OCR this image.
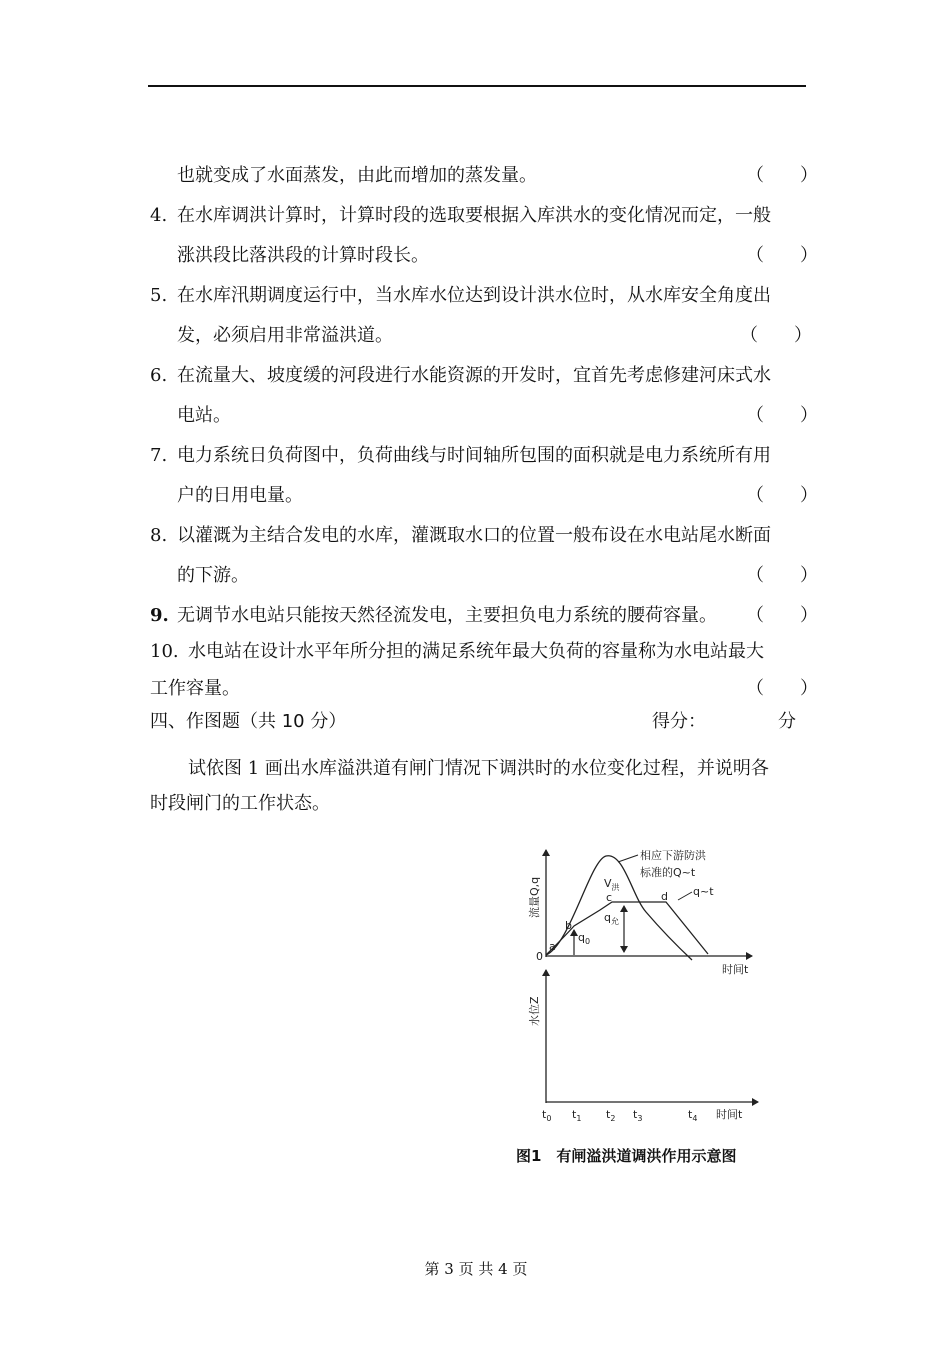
也就变成了水面蒸发，由此而增加的蒸发量。	（　　）
4. 在水库调洪计算时，计算时段的选取要根据入库洪水的变化情况而定，一般
涨洪段比落洪段的计算时段长。	（　　）
5. 在水库汛期调度运行中，当水库水位达到设计洪水位时，从水库安全角度出
发，必须启用非常溢洪道。	（　　）
6. 在流量大、坡度缓的河段进行水能资源的开发时，宜首先考虑修建河床式水
电站。	（　　）
7. 电力系统日负荷图中，负荷曲线与时间轴所包围的面积就是电力系统所有用
户的日用电量。	（　　）
8. 以灌溉为主结合发电的水库，灌溉取水口的位置一般布设在水电站尾水断面
的下游。	（　　）
9. 无调节水电站只能按天然径流发电，主要担负电力系统的腰荷容量。 （　　）
10. 水电站在设计水平年所分担的满足系统年最大负荷的容量称为水电站最大
工作容量。	（　　）
四、作图题（共 10 分）	得分：	分
试依图 1 画出水库溢洪道有闸门情况下调洪时的水位变化过程，并说明各
时段闸门的工作状态。
流量Q,q
0
a
b
c	d
$V_洪$
$q_允$
$q_0$
相应下游防洪
标准的Q~t
q~t
时间t
水位Z
$t_0$ $t_1$ $t_2$ $t_3$	$t_4$ 时间t
图1　有闸溢洪道调洪作用示意图
第 3 页 共 4 页
